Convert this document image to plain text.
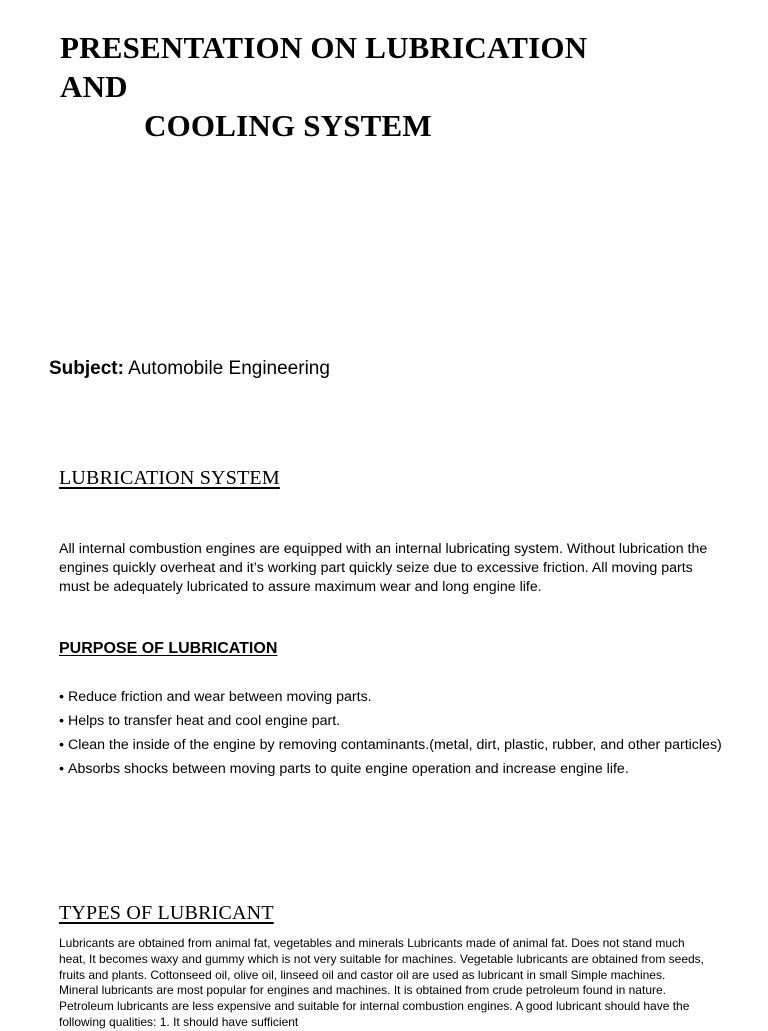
PRESENTATION ON LUBRICATION
AND
COOLING SYSTEM
Subject: Automobile Engineering
LUBRICATION SYSTEM

All internal combustion engines are equipped with an internal lubricating system. Without lubrication the engines quickly overheat and it’s working part quickly seize due to excessive friction. All moving parts must be adequately lubricated to assure maximum wear and long engine life.

PURPOSE OF LUBRICATION
• Reduce friction and wear between moving parts.
• Helps to transfer heat and cool engine part.
• Clean the inside of the engine by removing contaminants.(metal, dirt, plastic, rubber, and other particles)
• Absorbs shocks between moving parts to quite engine operation and increase engine life.
TYPES OF LUBRICANT

Lubricants are obtained from animal fat, vegetables and minerals Lubricants made of animal fat. Does not stand much heat, It becomes waxy and gummy which is not very suitable for machines. Vegetable lubricants are obtained from seeds, fruits and plants. Cottonseed oil, olive oil, linseed oil and castor oil are used as lubricant in small Simple machines. Mineral lubricants are most popular for engines and machines. It is obtained from crude petroleum found in nature. Petroleum lubricants are less expensive and suitable for internal combustion engines. A good lubricant should have the following qualities: 1. It should have sufficient
